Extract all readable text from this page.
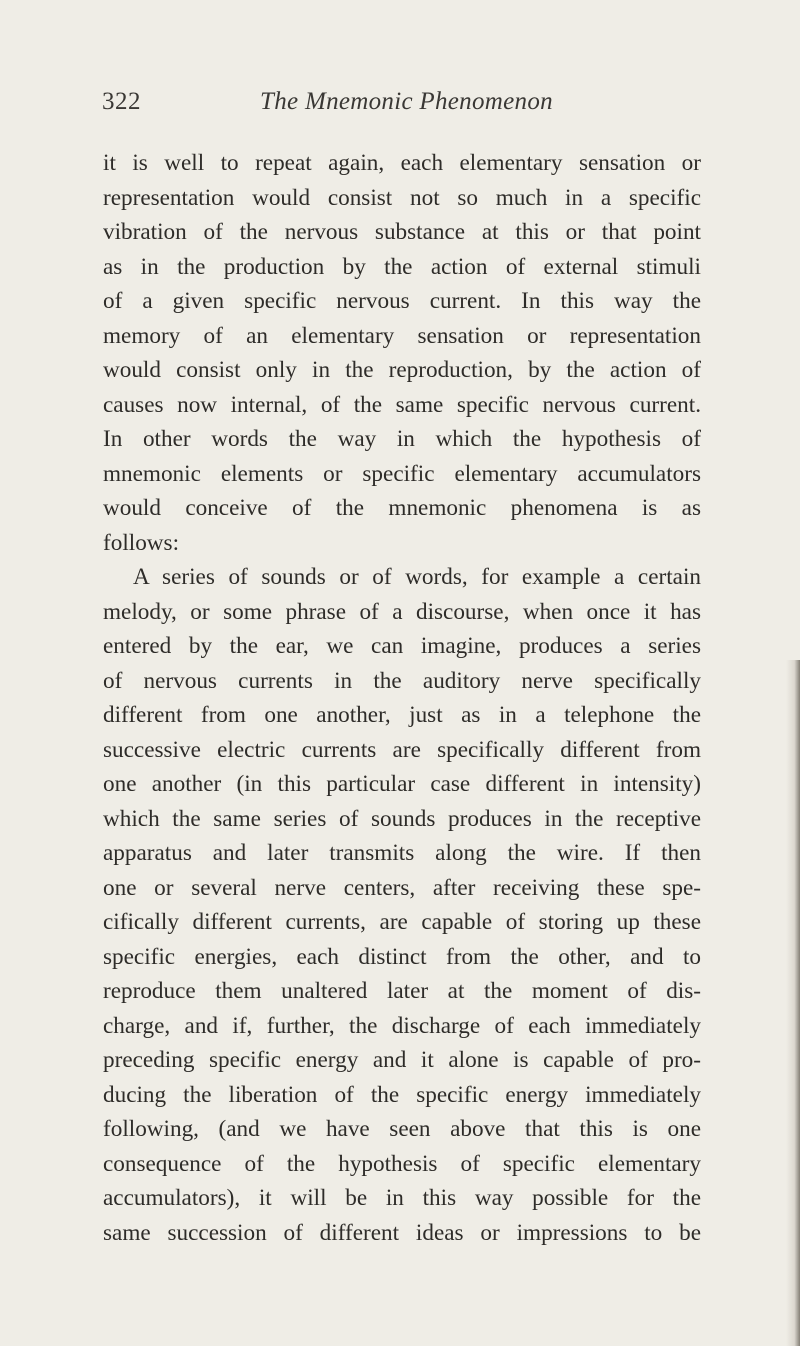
322	The Mnemonic Phenomenon
it is well to repeat again, each elementary sensation or
representation would consist not so much in a specific
vibration of the nervous substance at this or that point
as in the production by the action of external stimuli
of a given specific nervous current. In this way the
memory of an elementary sensation or representation
would consist only in the reproduction, by the action of
causes now internal, of the same specific nervous current.
In other words the way in which the hypothesis of
mnemonic elements or specific elementary accumulators
would conceive of the mnemonic phenomena is as
follows:
A series of sounds or of words, for example a certain
melody, or some phrase of a discourse, when once it has
entered by the ear, we can imagine, produces a series
of nervous currents in the auditory nerve specifically
different from one another, just as in a telephone the
successive electric currents are specifically different from
one another (in this particular case different in intensity)
which the same series of sounds produces in the receptive
apparatus and later transmits along the wire. If then
one or several nerve centers, after receiving these spe-
cifically different currents, are capable of storing up these
specific energies, each distinct from the other, and to
reproduce them unaltered later at the moment of dis-
charge, and if, further, the discharge of each immediately
preceding specific energy and it alone is capable of pro-
ducing the liberation of the specific energy immediately
following, (and we have seen above that this is one
consequence of the hypothesis of specific elementary
accumulators), it will be in this way possible for the
same succession of different ideas or impressions to be
